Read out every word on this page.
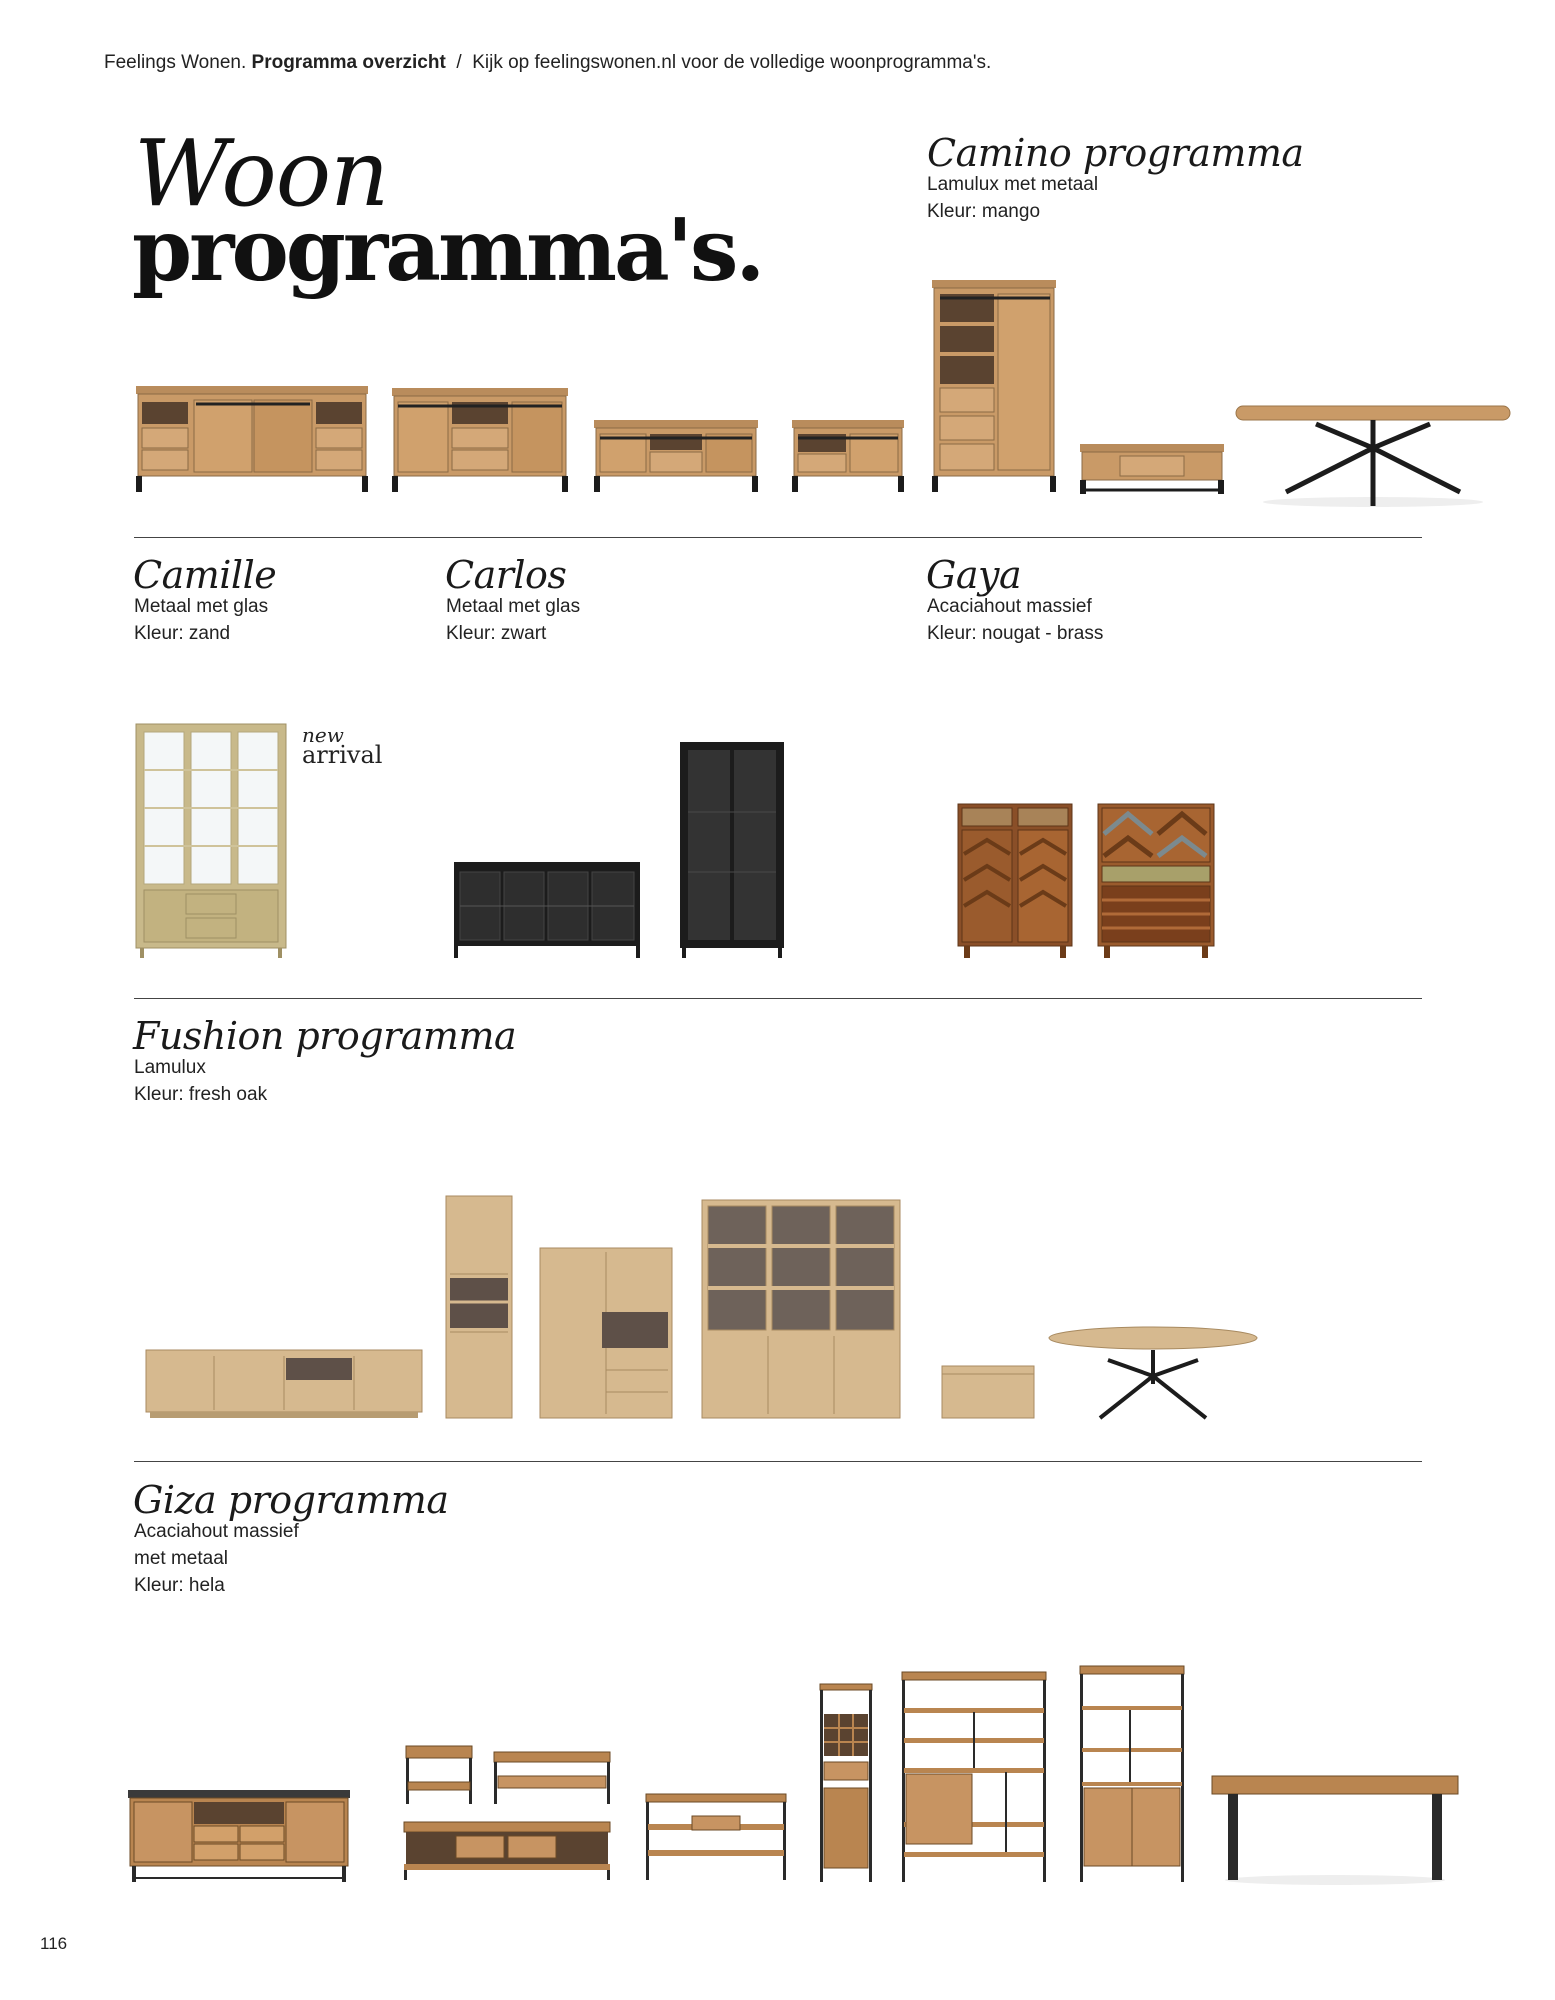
Feelings Wonen. Programma overzicht / Kijk op feelingswonen.nl voor de volledige woonprogramma's.
Woon
programma's.
Camino programma
Lamulux met metaal
Kleur: mango
Camille
Metaal met glas
Kleur: zand
Carlos
Metaal met glas
Kleur: zwart
Gaya
Acaciahout massief
Kleur: nougat - brass
new
arrival
Fushion programma
Lamulux
Kleur: fresh oak
Giza programma
Acaciahout massief
met metaal
Kleur: hela
116
